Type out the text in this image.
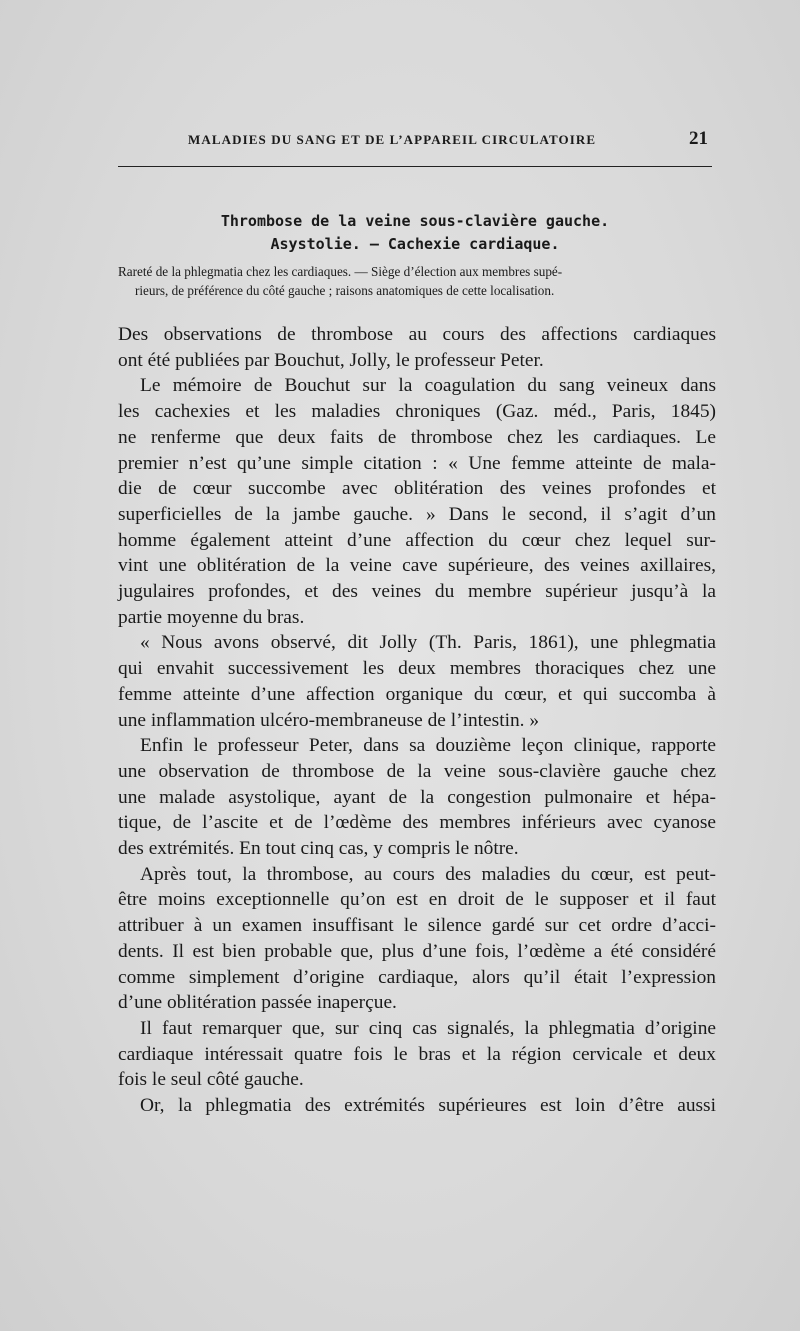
MALADIES DU SANG ET DE L’APPAREIL CIRCULATOIRE	21
Thrombose de la veine sous-clavière gauche.
Asystolie. — Cachexie cardiaque.
Rareté de la phlegmatia chez les cardiaques. — Siège d’élection aux membres supé-
rieurs, de préférence du côté gauche ; raisons anatomiques de cette localisation.
Des observations de thrombose au cours des affections cardiaques
ont été publiées par Bouchut, Jolly, le professeur Peter.
Le mémoire de Bouchut sur la coagulation du sang veineux dans
les cachexies et les maladies chroniques (Gaz. méd., Paris, 1845)
ne renferme que deux faits de thrombose chez les cardiaques. Le
premier n’est qu’une simple citation : « Une femme atteinte de mala-
die de cœur succombe avec oblitération des veines profondes et
superficielles de la jambe gauche. » Dans le second, il s’agit d’un
homme également atteint d’une affection du cœur chez lequel sur-
vint une oblitération de la veine cave supérieure, des veines axillaires,
jugulaires profondes, et des veines du membre supérieur jusqu’à la
partie moyenne du bras.
« Nous avons observé, dit Jolly (Th. Paris, 1861), une phlegmatia
qui envahit successivement les deux membres thoraciques chez une
femme atteinte d’une affection organique du cœur, et qui succomba à
une inflammation ulcéro-membraneuse de l’intestin. »
Enfin le professeur Peter, dans sa douzième leçon clinique, rapporte
une observation de thrombose de la veine sous-clavière gauche chez
une malade asystolique, ayant de la congestion pulmonaire et hépa-
tique, de l’ascite et de l’œdème des membres inférieurs avec cyanose
des extrémités. En tout cinq cas, y compris le nôtre.
Après tout, la thrombose, au cours des maladies du cœur, est peut-
être moins exceptionnelle qu’on est en droit de le supposer et il faut
attribuer à un examen insuffisant le silence gardé sur cet ordre d’acci-
dents. Il est bien probable que, plus d’une fois, l’œdème a été considéré
comme simplement d’origine cardiaque, alors qu’il était l’expression
d’une oblitération passée inaperçue.
Il faut remarquer que, sur cinq cas signalés, la phlegmatia d’origine
cardiaque intéressait quatre fois le bras et la région cervicale et deux
fois le seul côté gauche.
Or, la phlegmatia des extrémités supérieures est loin d’être aussi
